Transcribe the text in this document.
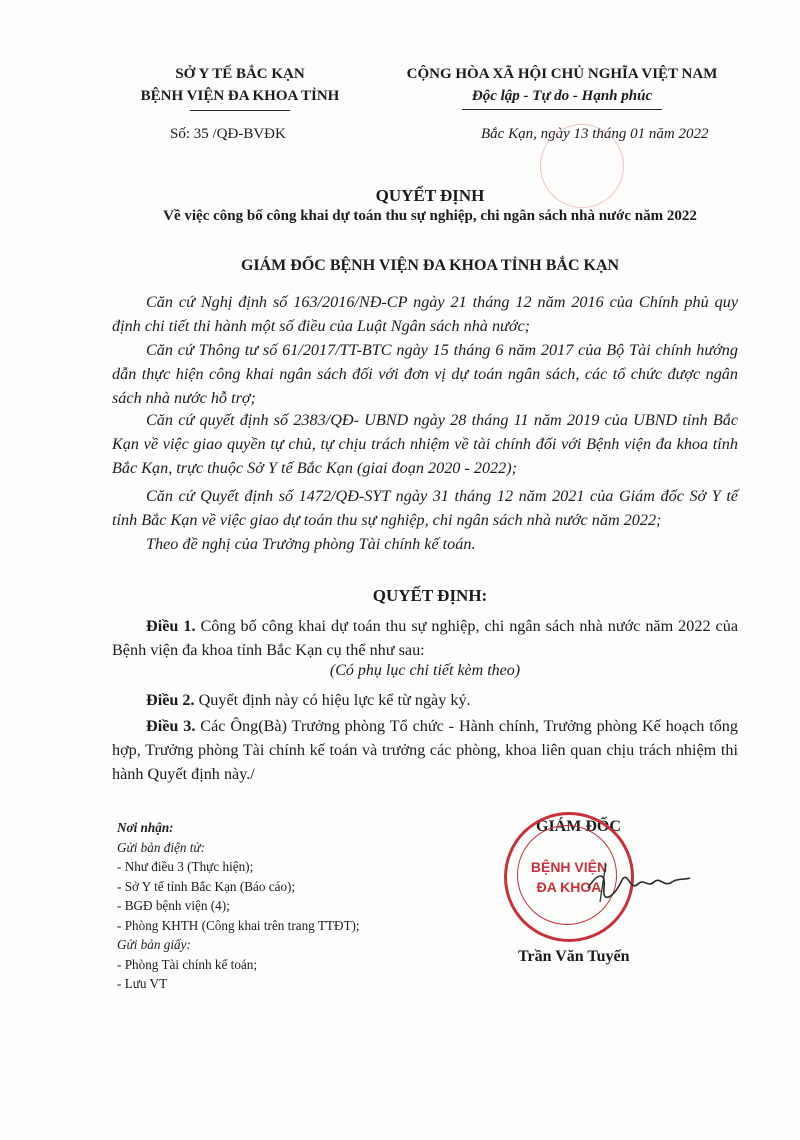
SỞ Y TẾ BẮC KẠN
BỆNH VIỆN ĐA KHOA TỈNH
Số: 35 /QĐ-BVĐK
CỘNG HÒA XÃ HỘI CHỦ NGHĨA VIỆT NAM
Độc lập - Tự do - Hạnh phúc
Bắc Kạn, ngày 13 tháng 01 năm 2022
QUYẾT ĐỊNH
Về việc công bố công khai dự toán thu sự nghiệp, chi ngân sách nhà nước năm 2022
GIÁM ĐỐC BỆNH VIỆN ĐA KHOA TỈNH BẮC KẠN
Căn cứ Nghị định số 163/2016/NĐ-CP ngày 21 tháng 12 năm 2016 của Chính phủ quy định chi tiết thi hành một số điều của Luật Ngân sách nhà nước;
Căn cứ Thông tư số 61/2017/TT-BTC ngày 15 tháng 6 năm 2017 của Bộ Tài chính hướng dẫn thực hiện công khai ngân sách đối với đơn vị dự toán ngân sách, các tổ chức được ngân sách nhà nước hỗ trợ;
Căn cứ quyết định số 2383/QĐ- UBND ngày 28 tháng 11 năm 2019 của UBND tỉnh Bắc Kạn về việc giao quyền tự chủ, tự chịu trách nhiệm về tài chính đối với Bệnh viện đa khoa tỉnh Bắc Kạn, trực thuộc Sở Y tế Bắc Kạn (giai đoạn 2020 - 2022);
Căn cứ Quyết định số 1472/QĐ-SYT ngày 31 tháng 12 năm 2021 của Giám đốc Sở Y tế tỉnh Bắc Kạn về việc giao dự toán thu sự nghiệp, chi ngân sách nhà nước năm 2022;
Theo đề nghị của Trưởng phòng Tài chính kế toán.
QUYẾT ĐỊNH:
Điều 1. Công bố công khai dự toán thu sự nghiệp, chi ngân sách nhà nước năm 2022 của Bệnh viện đa khoa tỉnh Bắc Kạn cụ thể như sau:
(Có phụ lục chi tiết kèm theo)
Điều 2. Quyết định này có hiệu lực kể từ ngày ký.
Điều 3. Các Ông(Bà) Trưởng phòng Tổ chức - Hành chính, Trưởng phòng Kế hoạch tổng hợp, Trưởng phòng Tài chính kế toán và trưởng các phòng, khoa liên quan chịu trách nhiệm thi hành Quyết định này./
Nơi nhận:
Gửi bản điện tử:
- Như điều 3 (Thực hiện);
- Sở Y tế tỉnh Bắc Kạn (Báo cáo);
- BGĐ bệnh viện (4);
- Phòng KHTH (Công khai trên trang TTĐT);
Gửi bản giấy:
- Phòng Tài chính kế toán;
- Lưu VT
GIÁM ĐỐC
BỆNH VIỆN
ĐA KHOA
Trần Văn Tuyến
